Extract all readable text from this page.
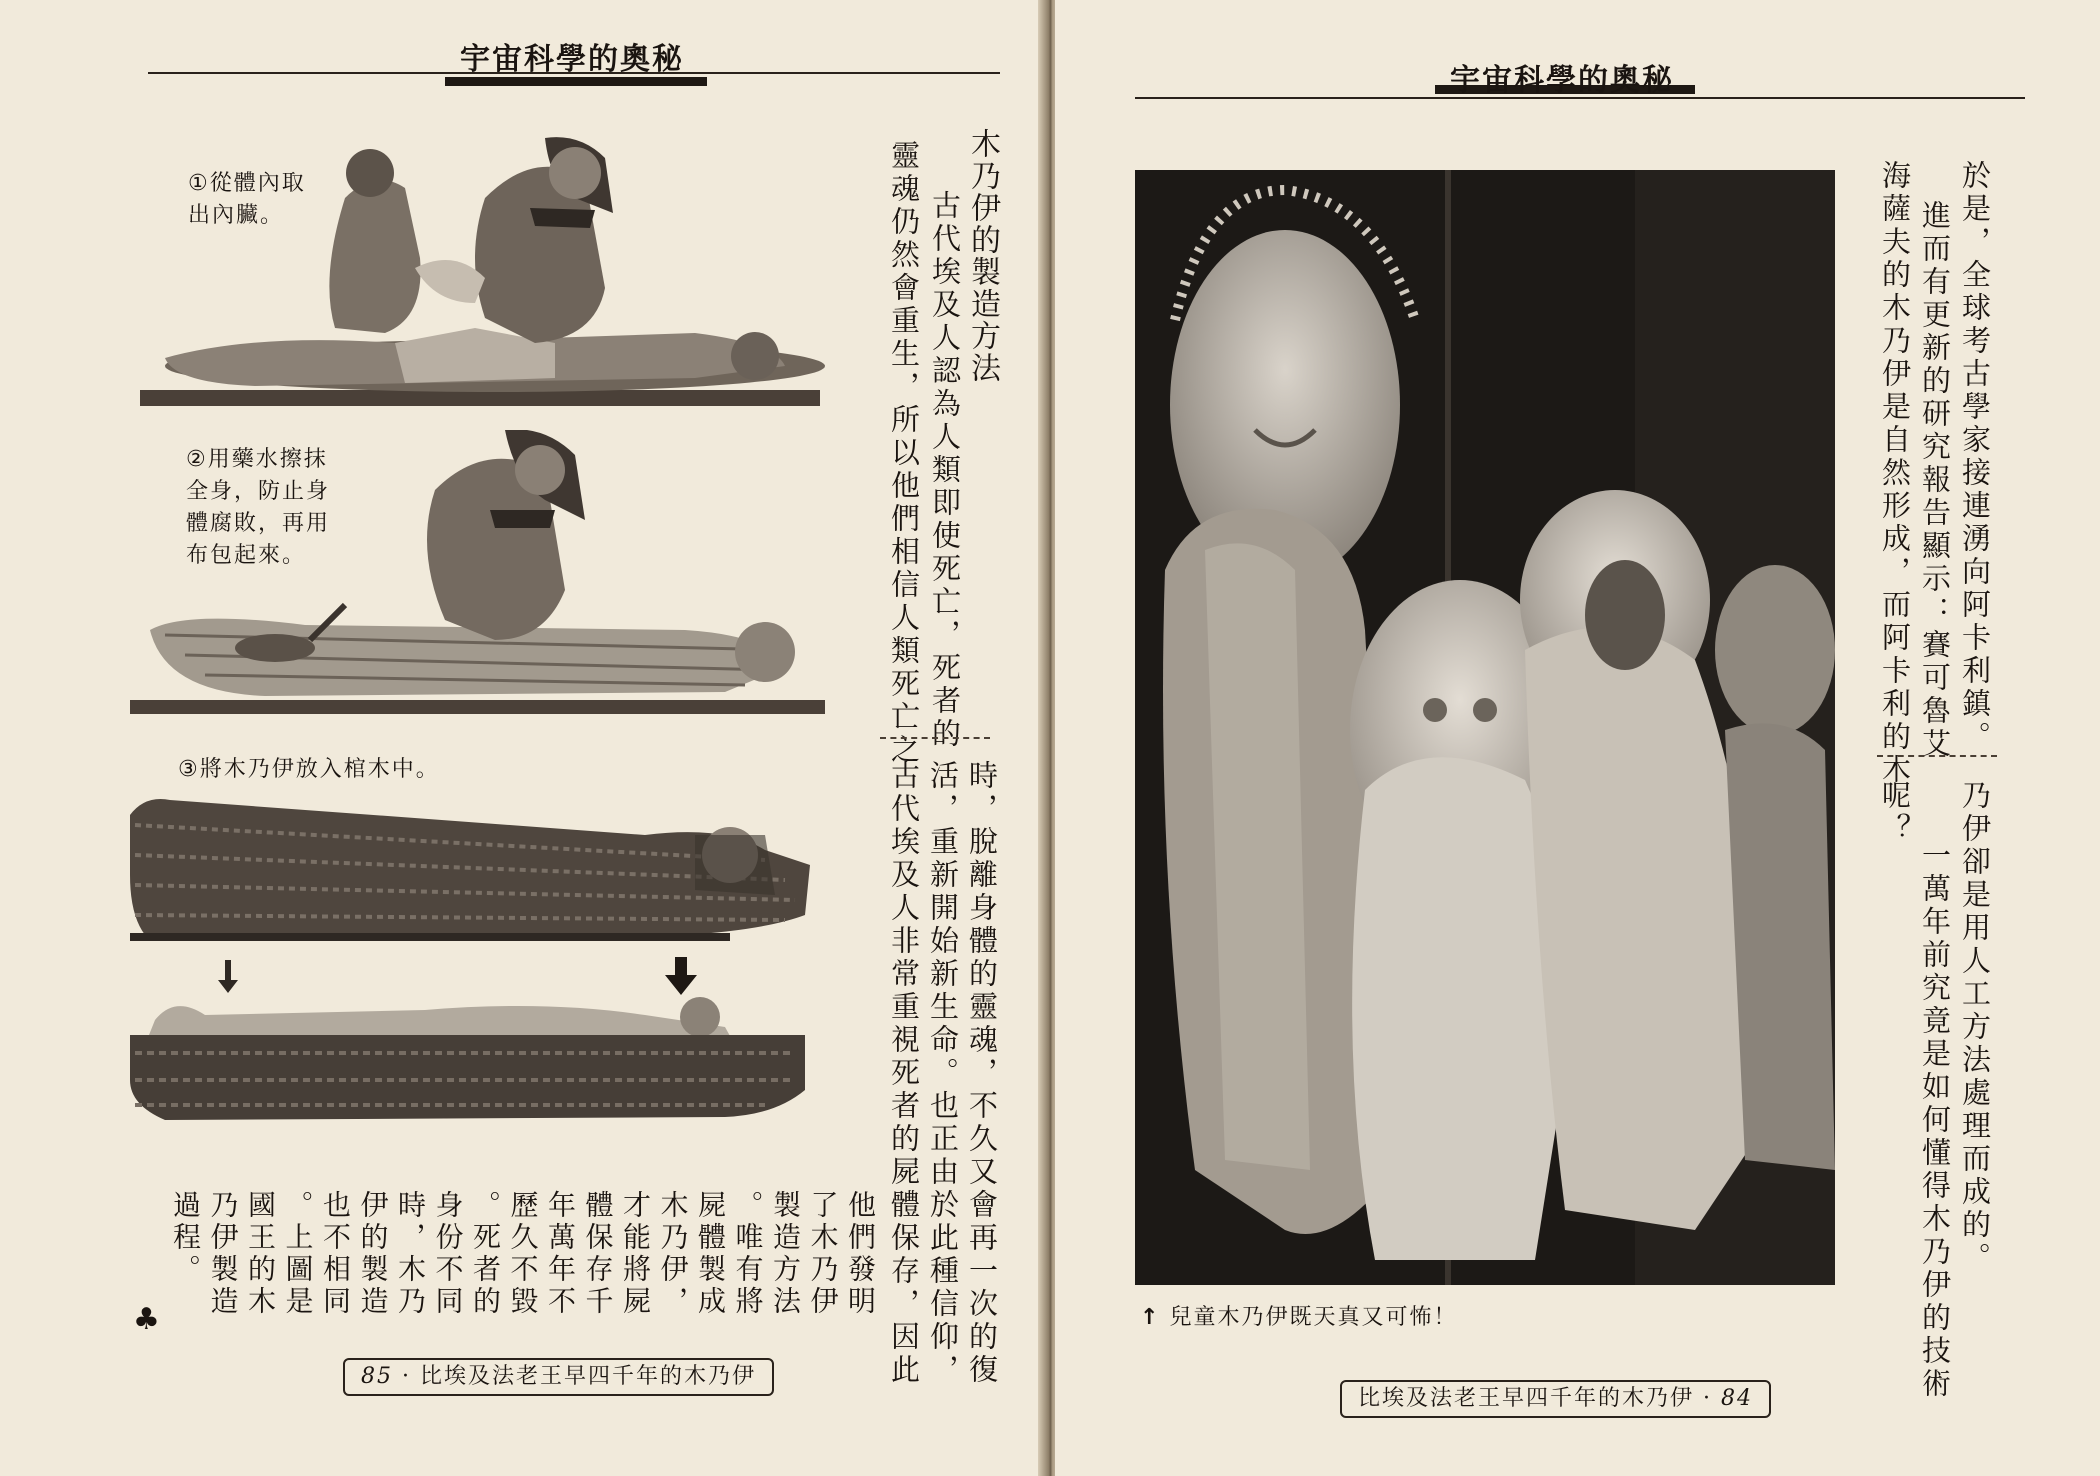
宇宙科學的奧秘
木乃伊的製造方法
古代埃及人認為人類即使死亡，死者的
靈魂仍然會重生，所以他們相信人類死亡之
時，脫離身體的靈魂，不久又會再一次的復
活，重新開始新生命。也正由於此種信仰，
古代埃及人非常重視死者的屍體保存，因此
他們發明
了木乃伊
製造方法
。唯有將
屍體製成
木乃伊，
才能將屍
體保存千
年萬年不
歷久不毀
。死者的
身份不同
時，木乃
伊的製造
也不相同
。上圖是
國王的木
乃伊製造
過程。
♣
①從體內取
出內臟。
②用藥水擦抹
全身，防止身
體腐敗，再用
布包起來。
③將木乃伊放入棺木中。
85 · 比埃及法老王早四千年的木乃伊
宇宙科學的奧秘
於是，全球考古學家接連湧向阿卡利鎮。
進而有更新的研究報告顯示：賽可魯艾
海薩夫的木乃伊是自然形成，而阿卡利的木
乃伊卻是用人工方法處理而成的。
一萬年前究竟是如何懂得木乃伊的技術
呢？
↑ 兒童木乃伊既天真又可怖！
比埃及法老王早四千年的木乃伊 · 84
